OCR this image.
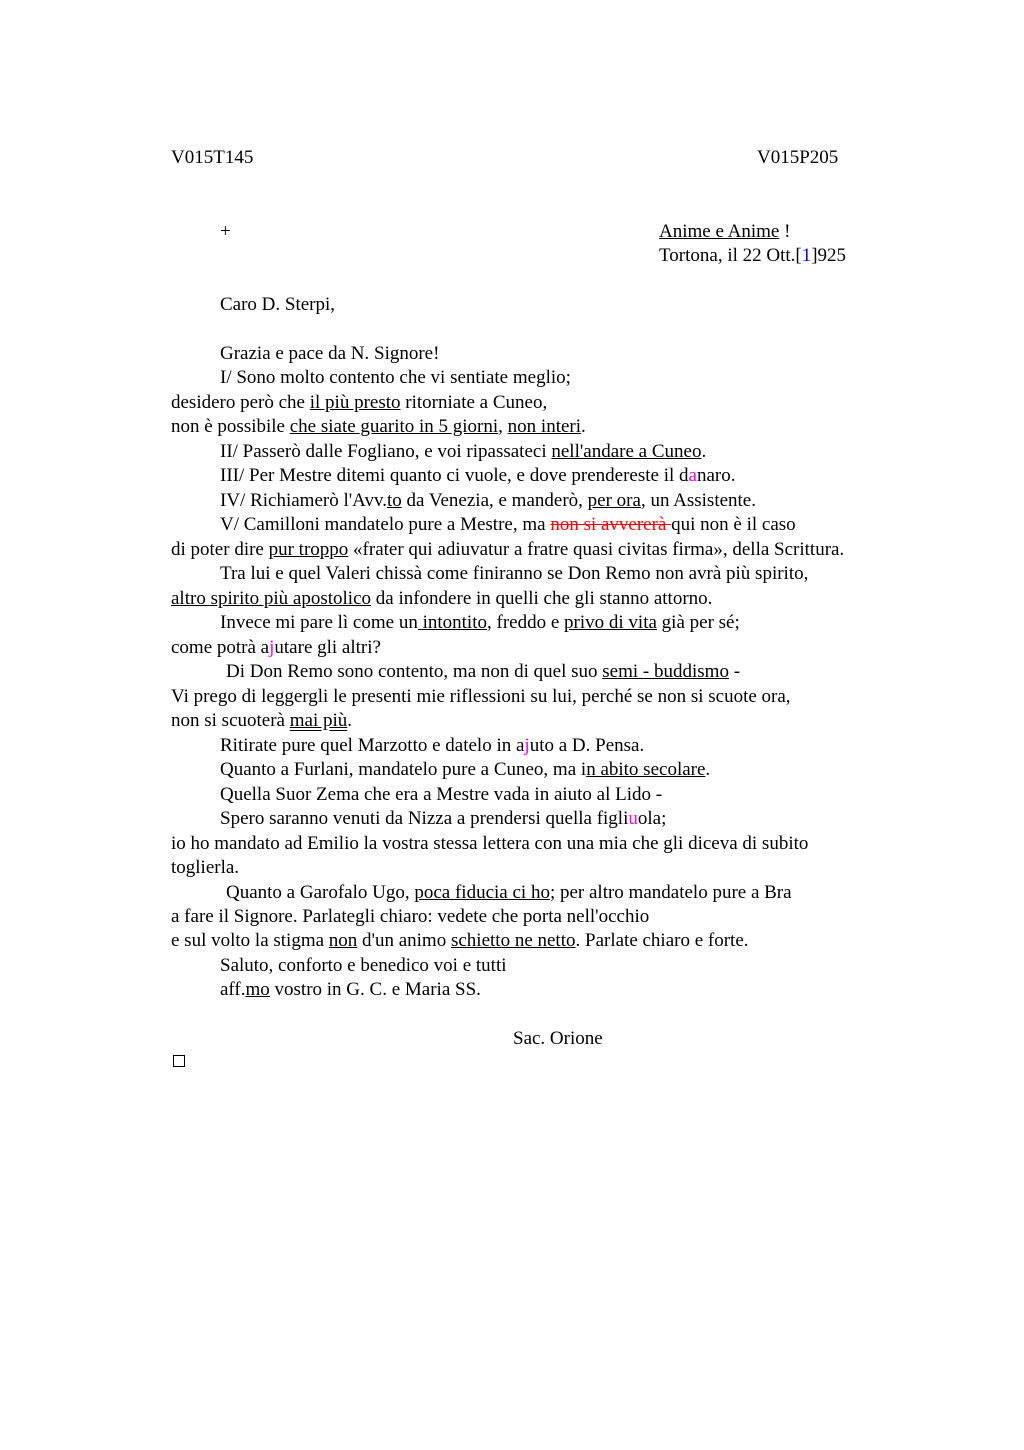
V015T145	V015P205
+	Anime e Anime !
Tortona, il 22 Ott.[1]925
Caro D. Sterpi,
Grazia e pace da N. Signore!
I/ Sono molto contento che vi sentiate meglio;
desidero però che il più presto ritorniate a Cuneo,
non è possibile che siate guarito in 5 giorni, non interi.
II/ Passerò dalle Fogliano, e voi ripassateci nell'andare a Cuneo.
III/ Per Mestre ditemi quanto ci vuole, e dove prendereste il danaro.
IV/ Richiamerò l'Avv.to da Venezia, e manderò, per ora, un Assistente.
V/ Camilloni mandatelo pure a Mestre, ma non si avvererà qui non è il caso
di poter dire pur troppo «frater qui adiuvatur a fratre quasi civitas firma», della Scrittura.
Tra lui e quel Valeri chissà come finiranno se Don Remo non avrà più spirito,
altro spirito più apostolico da infondere in quelli che gli stanno attorno.
Invece mi pare lì come un intontito, freddo e privo di vita già per sé;
come potrà ajutare gli altri?
Di Don Remo sono contento, ma non di quel suo semi - buddismo -
Vi prego di leggergli le presenti mie riflessioni su lui, perché se non si scuote ora,
non si scuoterà mai più.
Ritirate pure quel Marzotto e datelo in ajuto a D. Pensa.
Quanto a Furlani, mandatelo pure a Cuneo, ma in abito secolare.
Quella Suor Zema che era a Mestre vada in aiuto al Lido -
Spero saranno venuti da Nizza a prendersi quella figliuola;
io ho mandato ad Emilio la vostra stessa lettera con una mia che gli diceva di subito
toglierla.
Quanto a Garofalo Ugo, poca fiducia ci ho; per altro mandatelo pure a Bra
a fare il Signore. Parlategli chiaro: vedete che porta nell'occhio
e sul volto la stigma non d'un animo schietto ne netto. Parlate chiaro e forte.
Saluto, conforto e benedico voi e tutti
aff.mo vostro in G. C. e Maria SS.
Sac. Orione
